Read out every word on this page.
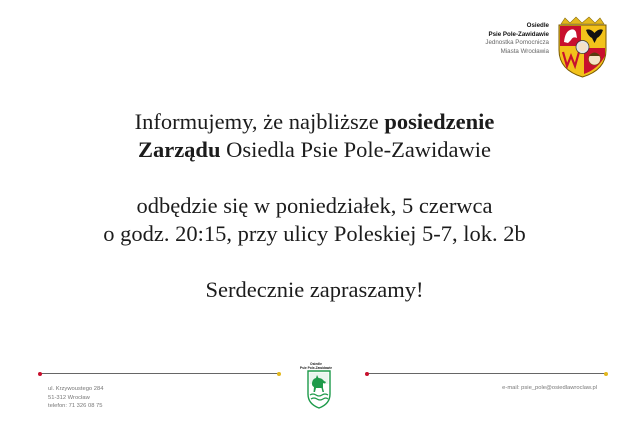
Osiedle
Psie Pole-Zawidawie
Jednostka Pomocnicza
Miasta Wrocławia

Informujemy, że najbliższe posiedzenie

Zarządu Osiedla Psie Pole-Zawidawie

odbędzie się w poniedziałek, 5 czerwca

o godz. 20:15, przy ulicy Poleskiej 5-7, lok. 2b

Serdecznie zapraszamy!

ul. Krzywoustego 284
51-312 Wrocław
telefon: 71 326 08 75
e-mail: psie_pole@osiedlawroclaw.pl
Osiedle
Psie Pole-Zawidawie
